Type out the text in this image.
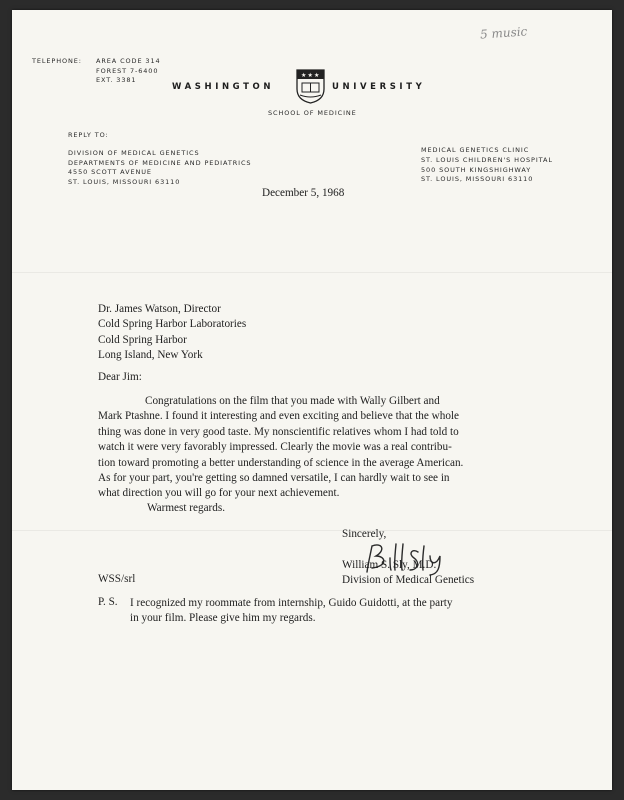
5 music
TELEPHONE: AREA CODE 314
FOREST 7-6400
EXT. 3381
WASHINGTON
★ ★ ★
UNIVERSITY
SCHOOL OF MEDICINE
REPLY TO:
DIVISION OF MEDICAL GENETICS
DEPARTMENTS OF MEDICINE AND PEDIATRICS
4550 SCOTT AVENUE
ST. LOUIS, MISSOURI 63110
MEDICAL GENETICS CLINIC
ST. LOUIS CHILDREN'S HOSPITAL
500 SOUTH KINGSHIGHWAY
ST. LOUIS, MISSOURI 63110
December 5, 1968
Dr. James Watson, Director
Cold Spring Harbor Laboratories
Cold Spring Harbor
Long Island, New York
Dear Jim:
Congratulations on the film that you made with Wally Gilbert and
Mark Ptashne. I found it interesting and even exciting and believe that the whole
thing was done in very good taste. My nonscientific relatives whom I had told to
watch it were very favorably impressed. Clearly the movie was a real contribu-
tion toward promoting a better understanding of science in the average American.
As for your part, you're getting so damned versatile, I can hardly wait to see in
what direction you will go for your next achievement.
Warmest regards.
Sincerely,
William S. Sly, M.D.
Division of Medical Genetics
WSS/srl
P. S. I recognized my roommate from internship, Guido Guidotti, at the party
in your film. Please give him my regards.
